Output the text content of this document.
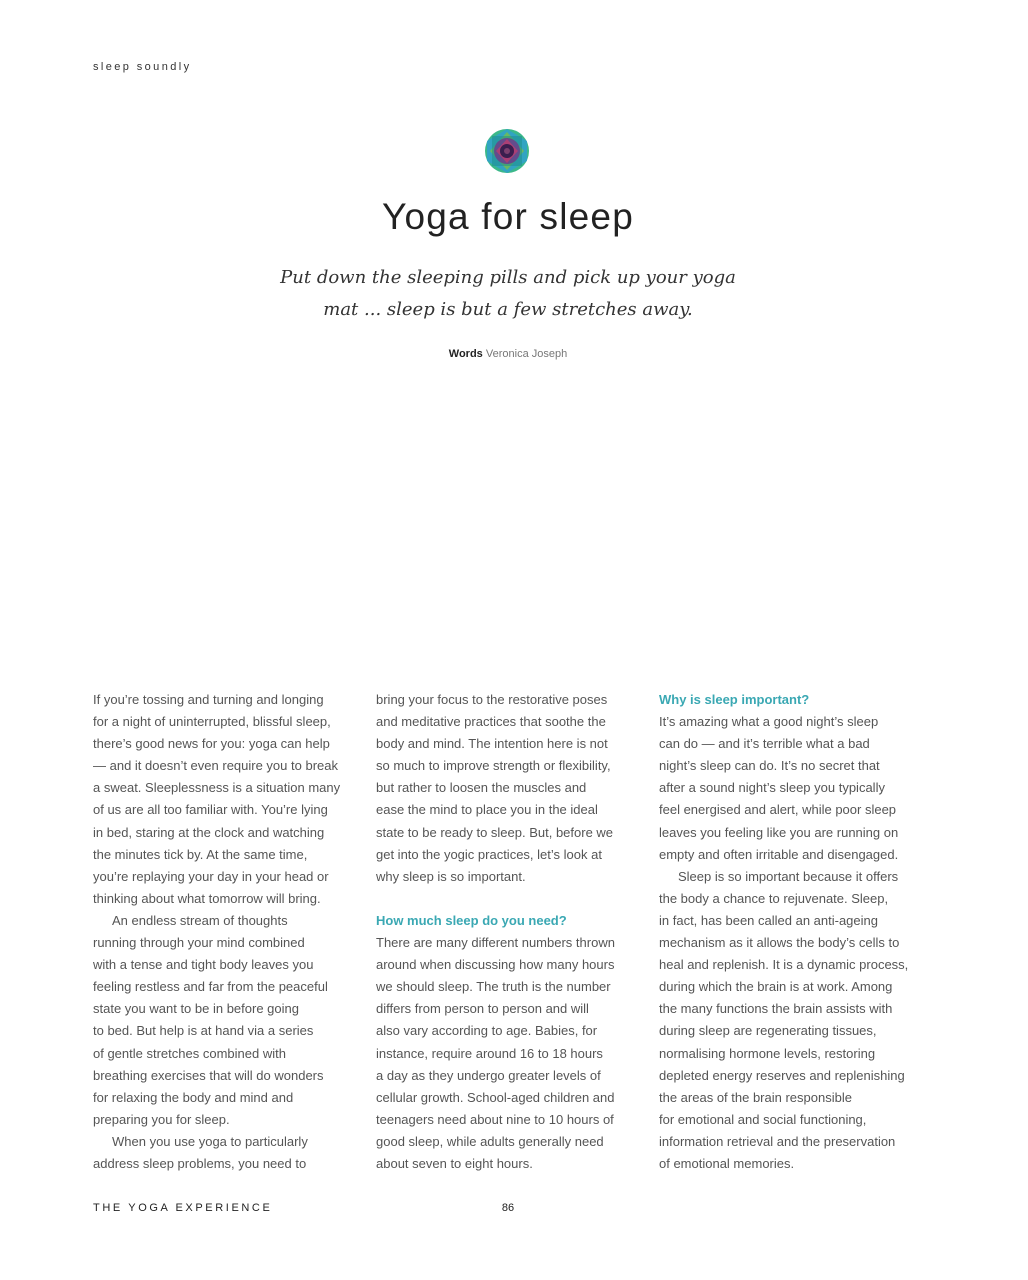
sleep soundly
Yoga for sleep
Put down the sleeping pills and pick up your yoga
mat ... sleep is but a few stretches away.
Words Veronica Joseph

If you’re tossing and turning and longing

for a night of uninterrupted, blissful sleep,

there’s good news for you: yoga can help

— and it doesn’t even require you to break

a sweat. Sleeplessness is a situation many

of us are all too familiar with. You’re lying

in bed, staring at the clock and watching

the minutes tick by. At the same time,

you’re replaying your day in your head or

thinking about what tomorrow will bring.

An endless stream of thoughts

running through your mind combined

with a tense and tight body leaves you

feeling restless and far from the peaceful

state you want to be in before going

to bed. But help is at hand via a series

of gentle stretches combined with

breathing exercises that will do wonders

for relaxing the body and mind and

preparing you for sleep.

When you use yoga to particularly

address sleep problems, you need to

bring your focus to the restorative poses

and meditative practices that soothe the

body and mind. The intention here is not

so much to improve strength or flexibility,

but rather to loosen the muscles and

ease the mind to place you in the ideal

state to be ready to sleep. But, before we

get into the yogic practices, let’s look at

why sleep is so important.

How much sleep do you need?

There are many different numbers thrown

around when discussing how many hours

we should sleep. The truth is the number

differs from person to person and will

also vary according to age. Babies, for

instance, require around 16 to 18 hours

a day as they undergo greater levels of

cellular growth. School-aged children and

teenagers need about nine to 10 hours of

good sleep, while adults generally need

about seven to eight hours.

Why is sleep important?

It’s amazing what a good night’s sleep

can do — and it’s terrible what a bad

night’s sleep can do. It’s no secret that

after a sound night’s sleep you typically

feel energised and alert, while poor sleep

leaves you feeling like you are running on

empty and often irritable and disengaged.

Sleep is so important because it offers

the body a chance to rejuvenate. Sleep,

in fact, has been called an anti-ageing

mechanism as it allows the body’s cells to

heal and replenish. It is a dynamic process,

during which the brain is at work. Among

the many functions the brain assists with

during sleep are regenerating tissues,

normalising hormone levels, restoring

depleted energy reserves and replenishing

the areas of the brain responsible

for emotional and social functioning,

information retrieval and the preservation

of emotional memories.

THE YOGA EXPERIENCE	86
